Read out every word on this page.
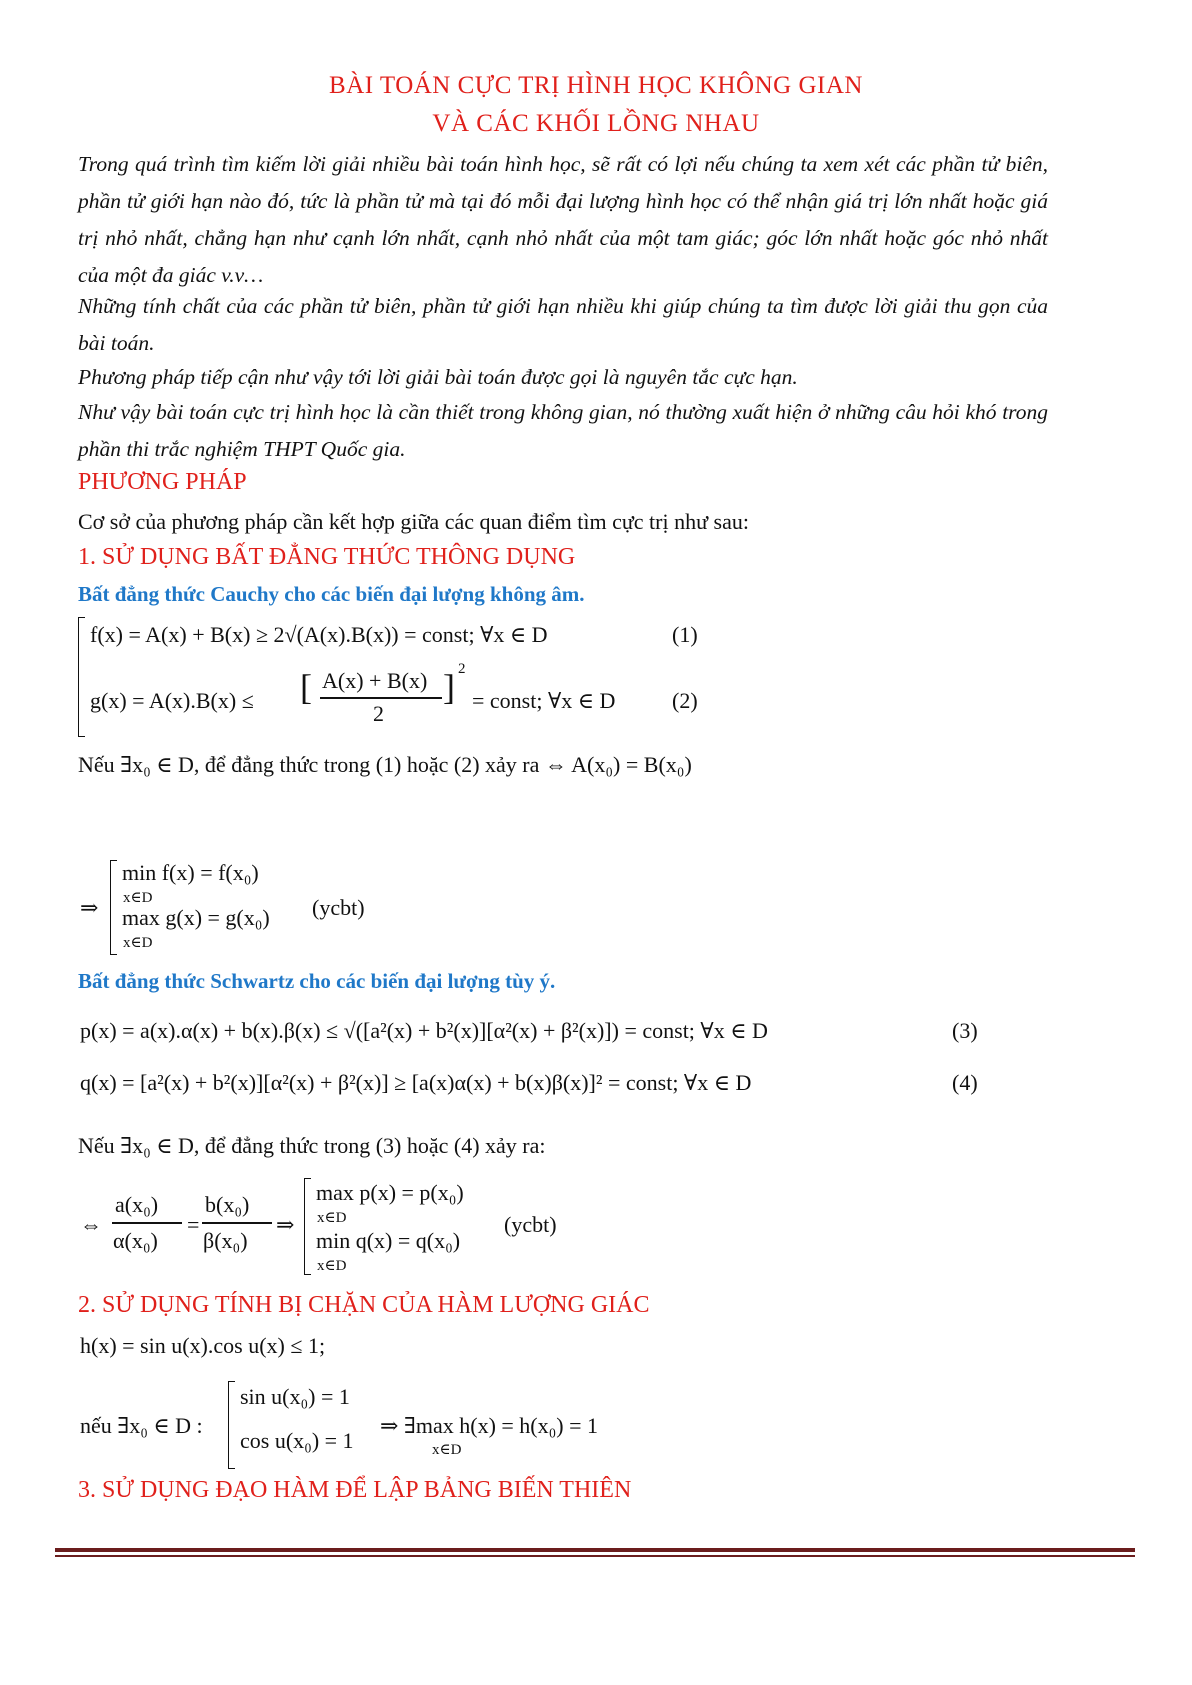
BÀI TOÁN CỰC TRỊ HÌNH HỌC KHÔNG GIAN
VÀ CÁC KHỐI LỒNG NHAU
Trong quá trình tìm kiếm lời giải nhiều bài toán hình học, sẽ rất có lợi nếu chúng ta xem xét các phần tử biên, phần tử giới hạn nào đó, tức là phần tử mà tại đó mỗi đại lượng hình học có thể nhận giá trị lớn nhất hoặc giá trị nhỏ nhất, chẳng hạn như cạnh lớn nhất, cạnh nhỏ nhất của một tam giác; góc lớn nhất hoặc góc nhỏ nhất của một đa giác v.v…
Những tính chất của các phần tử biên, phần tử giới hạn nhiều khi giúp chúng ta tìm được lời giải thu gọn của bài toán.
Phương pháp tiếp cận như vậy tới lời giải bài toán được gọi là nguyên tắc cực hạn.
Như vậy bài toán cực trị hình học là cần thiết trong không gian, nó thường xuất hiện ở những câu hỏi khó trong phần thi trắc nghiệm THPT Quốc gia.
PHƯƠNG PHÁP
Cơ sở của phương pháp cần kết hợp giữa các quan điểm tìm cực trị như sau:
1. SỬ DỤNG BẤT ĐẲNG THỨC THÔNG DỤNG
Bất đẳng thức Cauchy cho các biến đại lượng không âm.
f(x) = A(x) + B(x) ≥ 2√(A(x).B(x)) = const; ∀x ∈ D	(1)
g(x) = A(x).B(x) ≤ [ A(x) + B(x)
2
] 2
= const; ∀x ∈ D	(2)
Nếu ∃x₀ ∈ D, để đẳng thức trong (1) hoặc (2) xảy ra ⇔ A(x₀) = B(x₀)
⇒
min f(x) = f(x₀)
x∈D
max g(x) = g(x₀)
x∈D
(ycbt)
Bất đẳng thức Schwartz cho các biến đại lượng tùy ý.
p(x) = a(x).α(x) + b(x).β(x) ≤ √([a²(x) + b²(x)][α²(x) + β²(x)]) = const; ∀x ∈ D	(3)
q(x) = [a²(x) + b²(x)][α²(x) + β²(x)] ≥ [a(x)α(x) + b(x)β(x)]² = const; ∀x ∈ D	(4)
Nếu ∃x₀ ∈ D, để đẳng thức trong (3) hoặc (4) xảy ra:
⇔
a(x₀)
α(x₀)
=
b(x₀)
β(x₀)
⇒
max p(x) = p(x₀)
x∈D
min q(x) = q(x₀)
x∈D
(ycbt)
2. SỬ DỤNG TÍNH BỊ CHẶN CỦA HÀM LƯỢNG GIÁC
h(x) = sin u(x).cos u(x) ≤ 1;
nếu ∃x₀ ∈ D :
sin u(x₀) = 1
cos u(x₀) = 1
⇒ ∃max h(x) = h(x₀) = 1
x∈D
3. SỬ DỤNG ĐẠO HÀM ĐỂ LẬP BẢNG BIẾN THIÊN
